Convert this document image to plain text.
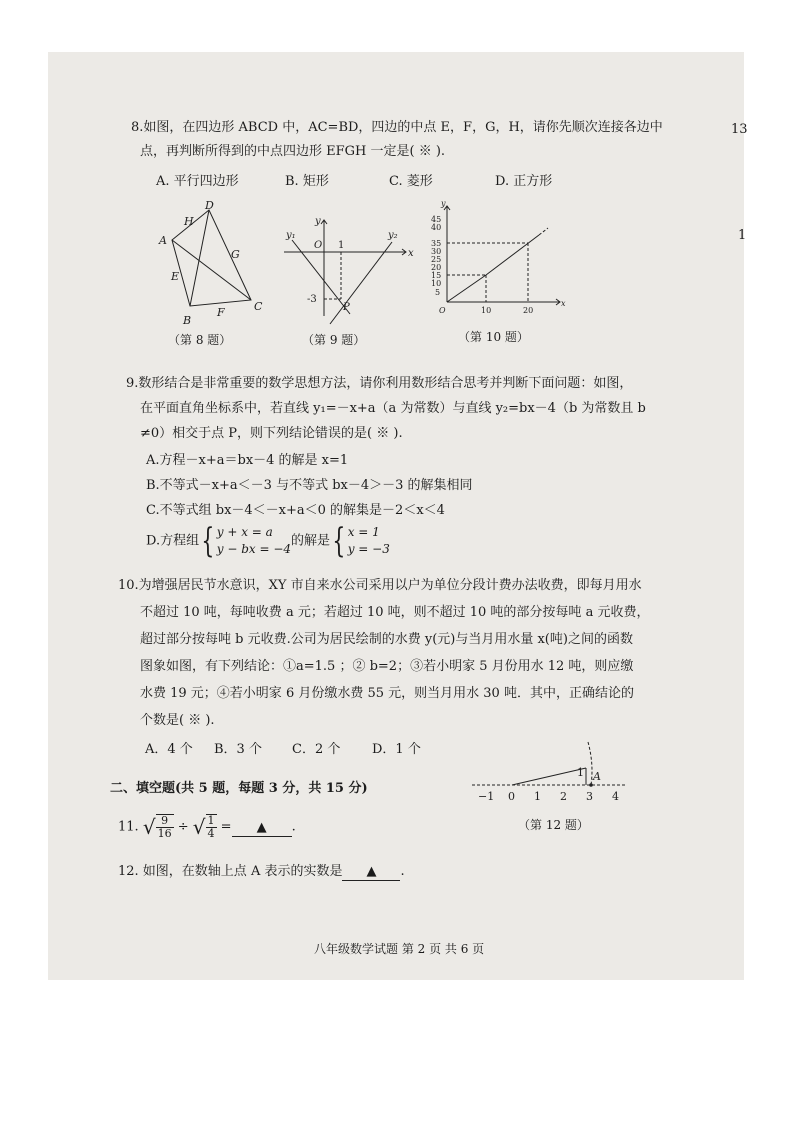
13
1
8.如图，在四边形 ABCD 中，AC=BD，四边的中点 E，F，G，H，请你先顺次连接各边中
点，再判断所得到的中点四边形 EFGH 一定是( ※ ).
A. 平行四边形	B. 矩形	C. 菱形	D. 正方形
A
B
C
D
E
F
G
H
（第 8 题）
y
x
y₁	y₂
O 1
-3
P
（第 9 题）
45
40
35
30
25
20
15
10
5
10	20
O
y
x
（第 10 题）
9.数形结合是非常重要的数学思想方法，请你利用数形结合思考并判断下面问题：如图，
在平面直角坐标系中，若直线 y₁=－x+a（a 为常数）与直线 y₂=bx－4（b 为常数且 b
≠0）相交于点 P，则下列结论错误的是( ※ ).
A.方程－x+a＝bx－4 的解是 x=1
B.不等式－x+a＜－3 与不等式 bx－4＞－3 的解集相同
C.不等式组 bx－4＜－x+a＜0 的解集是－2＜x＜4
D.方程组{ y + x = a
y − bx = −4
的解是{ x = 1
y = −3
10.为增强居民节水意识，XY 市自来水公司采用以户为单位分段计费办法收费，即每月用水
不超过 10 吨，每吨收费 a 元；若超过 10 吨，则不超过 10 吨的部分按每吨 a 元收费，
超过部分按每吨 b 元收费.公司为居民绘制的水费 y(元)与当月用水量 x(吨)之间的函数
图象如图，有下列结论：①a=1.5 ；② b=2；③若小明家 5 月份用水 12 吨，则应缴
水费 19 元；④若小明家 6 月份缴水费 55 元，则当月用水 30 吨．其中，正确结论的
个数是( ※ ).
A．4 个 B．3 个 C．2 个 D．1 个
二、填空题(共 5 题，每题 3 分，共 15 分)
−1 0 1 2 3 4
1 A
（第 12 题）
11. √ $\frac{9}{16}$ ÷ √ $\frac{1}{4}$ = ▲ .
12. 如图，在数轴上点 A 表示的实数是 ▲ .
八年级数学试题 第 2 页 共 6 页
